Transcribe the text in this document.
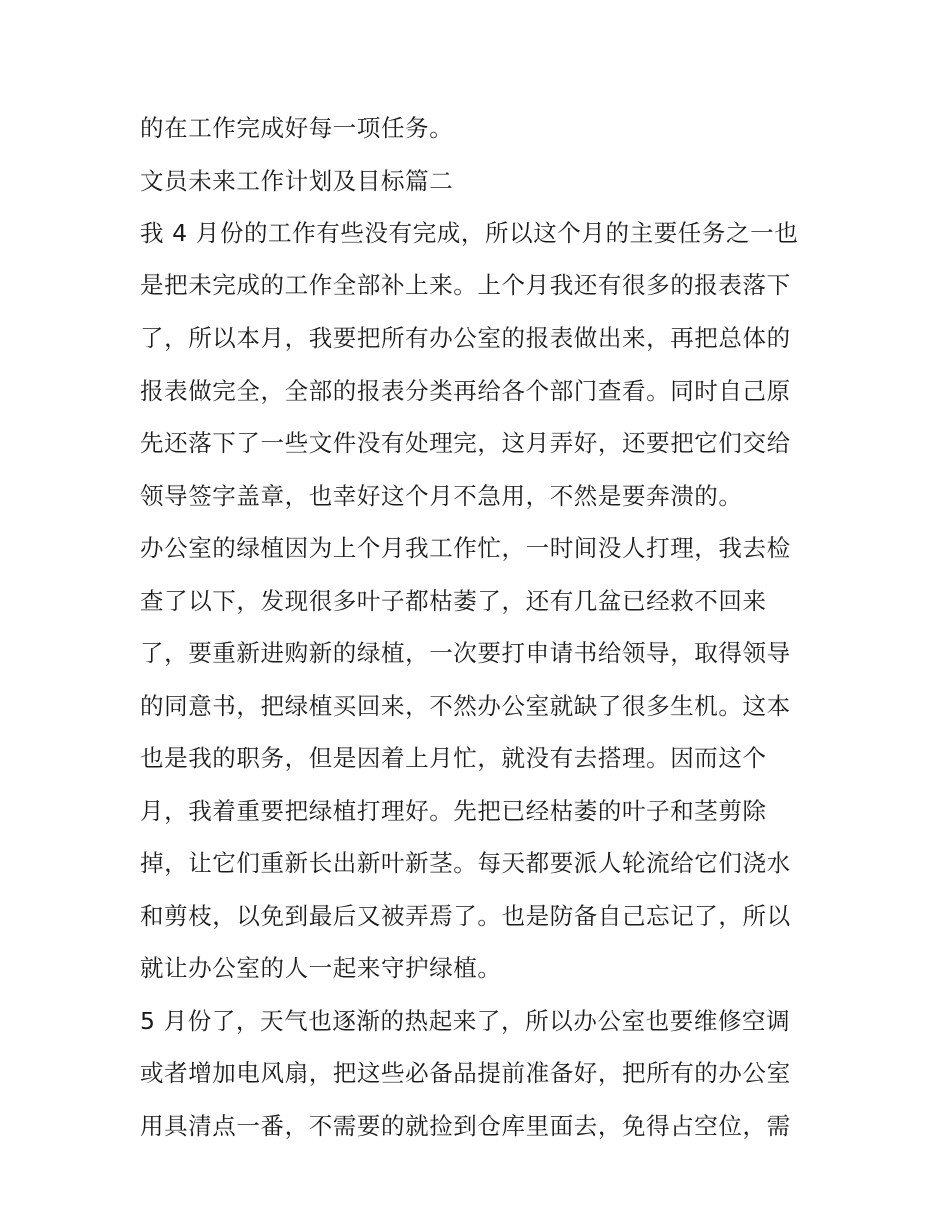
的在工作完成好每一项任务。
文员未来工作计划及目标篇二
我 4 月份的工作有些没有完成，所以这个月的主要任务之一也
是把未完成的工作全部补上来。上个月我还有很多的报表落下
了，所以本月，我要把所有办公室的报表做出来，再把总体的
报表做完全，全部的报表分类再给各个部门查看。同时自己原
先还落下了一些文件没有处理完，这月弄好，还要把它们交给
领导签字盖章，也幸好这个月不急用，不然是要奔溃的。
办公室的绿植因为上个月我工作忙，一时间没人打理，我去检
查了以下，发现很多叶子都枯萎了，还有几盆已经救不回来
了，要重新进购新的绿植，一次要打申请书给领导，取得领导
的同意书，把绿植买回来，不然办公室就缺了很多生机。这本
也是我的职务，但是因着上月忙，就没有去搭理。因而这个
月，我着重要把绿植打理好。先把已经枯萎的叶子和茎剪除
掉，让它们重新长出新叶新茎。每天都要派人轮流给它们浇水
和剪枝，以免到最后又被弄焉了。也是防备自己忘记了，所以
就让办公室的人一起来守护绿植。
5 月份了，天气也逐渐的热起来了，所以办公室也要维修空调
或者增加电风扇，把这些必备品提前准备好，把所有的办公室
用具清点一番，不需要的就捡到仓库里面去，免得占空位，需
